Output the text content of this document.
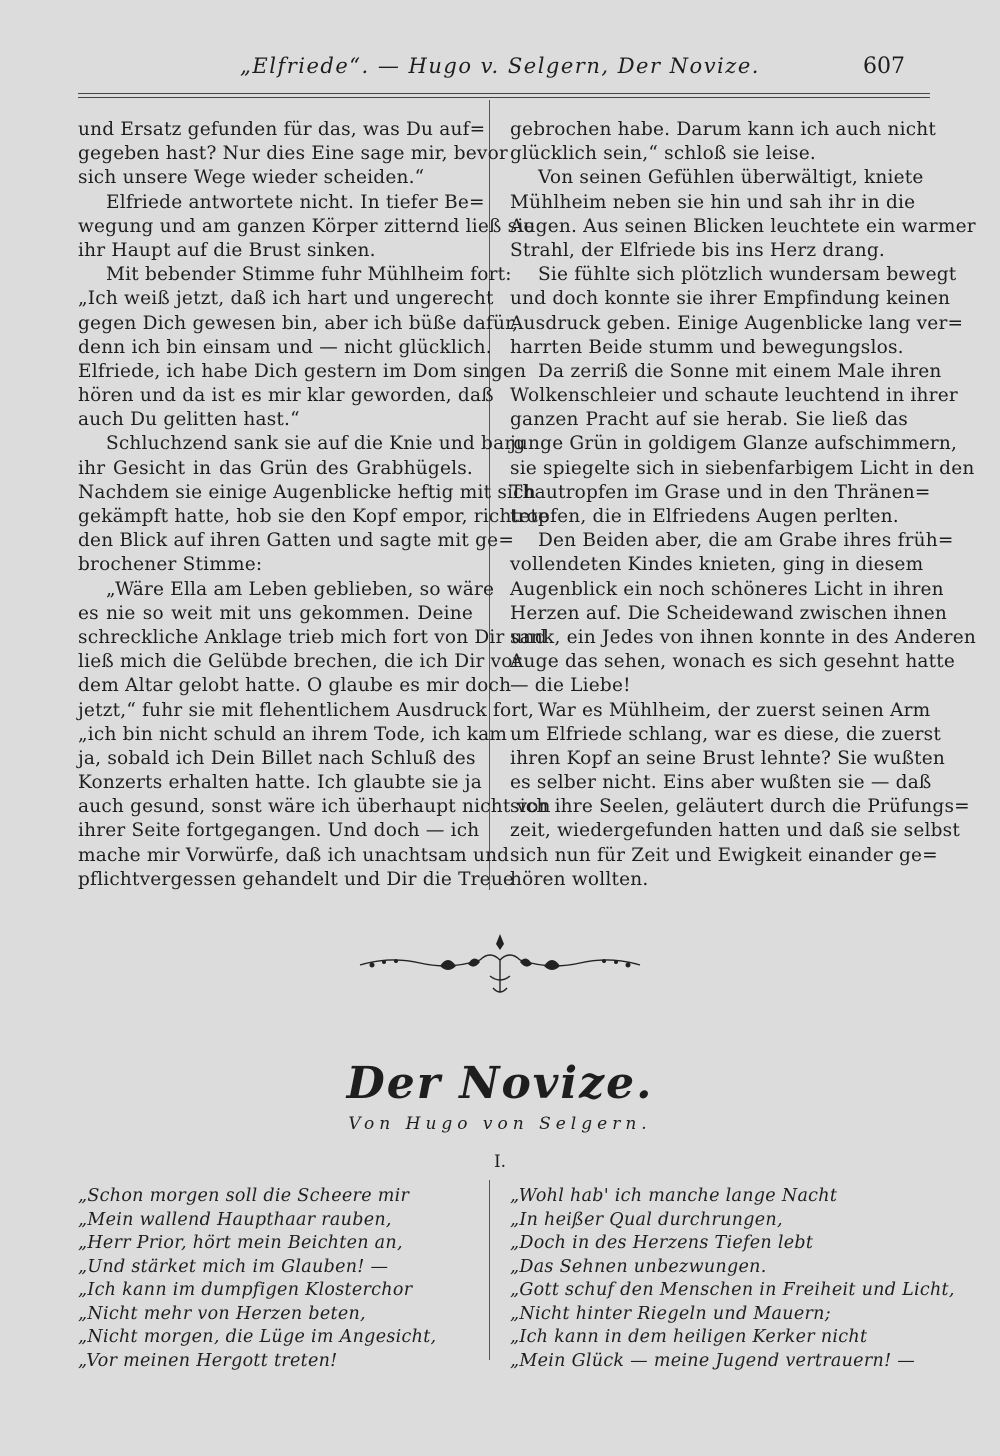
„Elfriede“. — Hugo v. Selgern, Der Novize.	607
und Ersatz gefunden für das, was Du auf=
gegeben hast? Nur dies Eine sage mir, bevor
sich unsere Wege wieder scheiden.“
Elfriede antwortete nicht. In tiefer Be=
wegung und am ganzen Körper zitternd ließ sie
ihr Haupt auf die Brust sinken.
Mit bebender Stimme fuhr Mühlheim fort:
„Ich weiß jetzt, daß ich hart und ungerecht
gegen Dich gewesen bin, aber ich büße dafür,
denn ich bin einsam und — nicht glücklich.
Elfriede, ich habe Dich gestern im Dom singen
hören und da ist es mir klar geworden, daß
auch Du gelitten hast.“
Schluchzend sank sie auf die Knie und barg
ihr Gesicht in das Grün des Grabhügels.
Nachdem sie einige Augenblicke heftig mit sich
gekämpft hatte, hob sie den Kopf empor, richtete
den Blick auf ihren Gatten und sagte mit ge=
brochener Stimme:
„Wäre Ella am Leben geblieben, so wäre
es nie so weit mit uns gekommen. Deine
schreckliche Anklage trieb mich fort von Dir und
ließ mich die Gelübde brechen, die ich Dir vor
dem Altar gelobt hatte. O glaube es mir doch
jetzt,“ fuhr sie mit flehentlichem Ausdruck fort,
„ich bin nicht schuld an ihrem Tode, ich kam
ja, sobald ich Dein Billet nach Schluß des
Konzerts erhalten hatte. Ich glaubte sie ja
auch gesund, sonst wäre ich überhaupt nicht von
ihrer Seite fortgegangen. Und doch — ich
mache mir Vorwürfe, daß ich unachtsam und
pflichtvergessen gehandelt und Dir die Treue
gebrochen habe. Darum kann ich auch nicht
glücklich sein,“ schloß sie leise.
Von seinen Gefühlen überwältigt, kniete
Mühlheim neben sie hin und sah ihr in die
Augen. Aus seinen Blicken leuchtete ein warmer
Strahl, der Elfriede bis ins Herz drang.
Sie fühlte sich plötzlich wundersam bewegt
und doch konnte sie ihrer Empfindung keinen
Ausdruck geben. Einige Augenblicke lang ver=
harrten Beide stumm und bewegungslos.
Da zerriß die Sonne mit einem Male ihren
Wolkenschleier und schaute leuchtend in ihrer
ganzen Pracht auf sie herab. Sie ließ das
junge Grün in goldigem Glanze aufschimmern,
sie spiegelte sich in siebenfarbigem Licht in den
Thautropfen im Grase und in den Thränen=
tropfen, die in Elfriedens Augen perlten.
Den Beiden aber, die am Grabe ihres früh=
vollendeten Kindes knieten, ging in diesem
Augenblick ein noch schöneres Licht in ihren
Herzen auf. Die Scheidewand zwischen ihnen
sank, ein Jedes von ihnen konnte in des Anderen
Auge das sehen, wonach es sich gesehnt hatte
— die Liebe!
War es Mühlheim, der zuerst seinen Arm
um Elfriede schlang, war es diese, die zuerst
ihren Kopf an seine Brust lehnte? Sie wußten
es selber nicht. Eins aber wußten sie — daß
sich ihre Seelen, geläutert durch die Prüfungs=
zeit, wiedergefunden hatten und daß sie selbst
sich nun für Zeit und Ewigkeit einander ge=
hören wollten.
Der Novize.
Von Hugo von Selgern.
I.
„Schon morgen soll die Scheere mir
„Mein wallend Haupthaar rauben,
„Herr Prior, hört mein Beichten an,
„Und stärket mich im Glauben! —
„Ich kann im dumpfigen Klosterchor
„Nicht mehr von Herzen beten,
„Nicht morgen, die Lüge im Angesicht,
„Vor meinen Hergott treten!
„Wohl hab' ich manche lange Nacht
„In heißer Qual durchrungen,
„Doch in des Herzens Tiefen lebt
„Das Sehnen unbezwungen.
„Gott schuf den Menschen in Freiheit und Licht,
„Nicht hinter Riegeln und Mauern;
„Ich kann in dem heiligen Kerker nicht
„Mein Glück — meine Jugend vertrauern! —
